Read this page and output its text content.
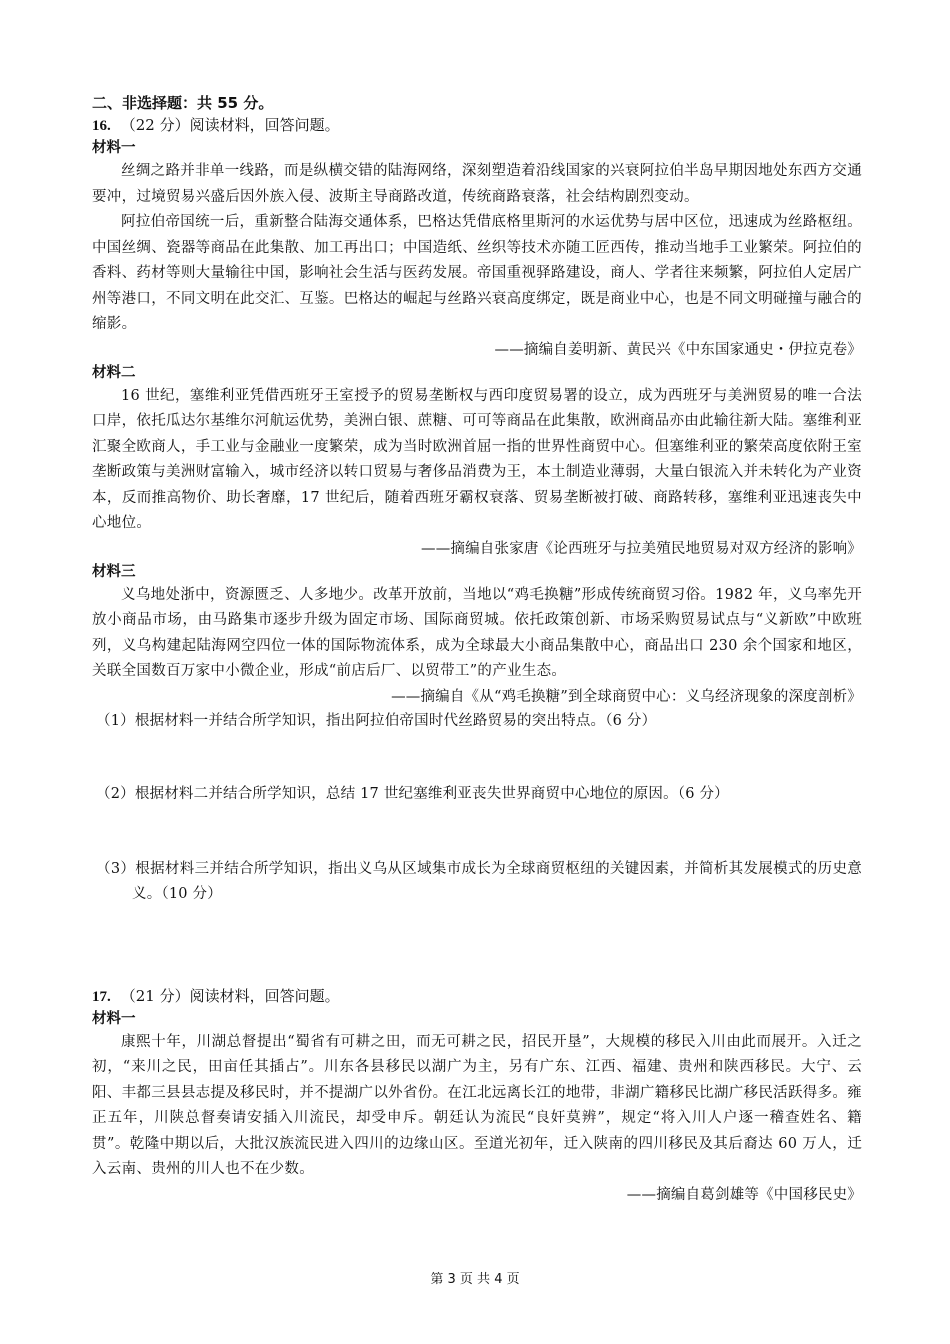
二、非选择题：共 55 分。

16. （22 分）阅读材料，回答问题。

材料一

丝绸之路并非单一线路，而是纵横交错的陆海网络，深刻塑造着沿线国家的兴衰阿拉伯半岛早期因地处东西方交通要冲，过境贸易兴盛后因外族入侵、波斯主导商路改道，传统商路衰落，社会结构剧烈变动。

阿拉伯帝国统一后，重新整合陆海交通体系，巴格达凭借底格里斯河的水运优势与居中区位，迅速成为丝路枢纽。中国丝绸、瓷器等商品在此集散、加工再出口；中国造纸、丝织等技术亦随工匠西传，推动当地手工业繁荣。阿拉伯的香料、药材等则大量输往中国，影响社会生活与医药发展。帝国重视驿路建设，商人、学者往来频繁，阿拉伯人定居广州等港口，不同文明在此交汇、互鉴。巴格达的崛起与丝路兴衰高度绑定，既是商业中心，也是不同文明碰撞与融合的缩影。

——摘编自姜明新、黄民兴《中东国家通史・伊拉克卷》

材料二

16 世纪，塞维利亚凭借西班牙王室授予的贸易垄断权与西印度贸易署的设立，成为西班牙与美洲贸易的唯一合法口岸，依托瓜达尔基维尔河航运优势，美洲白银、蔗糖、可可等商品在此集散，欧洲商品亦由此输往新大陆。塞维利亚汇聚全欧商人，手工业与金融业一度繁荣，成为当时欧洲首屈一指的世界性商贸中心。但塞维利亚的繁荣高度依附王室垄断政策与美洲财富输入，城市经济以转口贸易与奢侈品消费为王，本土制造业薄弱，大量白银流入并未转化为产业资本，反而推高物价、助长奢靡，17 世纪后，随着西班牙霸权衰落、贸易垄断被打破、商路转移，塞维利亚迅速丧失中心地位。

——摘编自张家唐《论西班牙与拉美殖民地贸易对双方经济的影响》

材料三

义乌地处浙中，资源匮乏、人多地少。改革开放前，当地以“鸡毛换糖”形成传统商贸习俗。1982 年，义乌率先开放小商品市场，由马路集市逐步升级为固定市场、国际商贸城。依托政策创新、市场采购贸易试点与“义新欧”中欧班列，义乌构建起陆海网空四位一体的国际物流体系，成为全球最大小商品集散中心，商品出口 230 余个国家和地区，关联全国数百万家中小微企业，形成“前店后厂、以贸带工”的产业生态。

——摘编自《从“鸡毛换糖”到全球商贸中心：义乌经济现象的深度剖析》

（1）根据材料一并结合所学知识，指出阿拉伯帝国时代丝路贸易的突出特点。（6 分）

（2）根据材料二并结合所学知识，总结 17 世纪塞维利亚丧失世界商贸中心地位的原因。（6 分）

（3）根据材料三并结合所学知识，指出义乌从区域集市成长为全球商贸枢纽的关键因素，并简析其发展模式的历史意义。（10 分）

17. （21 分）阅读材料，回答问题。

材料一

康熙十年，川湖总督提出“蜀省有可耕之田，而无可耕之民，招民开垦”，大规模的移民入川由此而展开。入迁之初，“来川之民，田亩任其插占”。川东各县移民以湖广为主，另有广东、江西、福建、贵州和陕西移民。大宁、云阳、丰都三县县志提及移民时，并不提湖广以外省份。在江北远离长江的地带，非湖广籍移民比湖广移民活跃得多。雍正五年，川陕总督奏请安插入川流民，却受申斥。朝廷认为流民“良奸莫辨”，规定“将入川人户逐一稽查姓名、籍贯”。乾隆中期以后，大批汉族流民进入四川的边缘山区。至道光初年，迁入陕南的四川移民及其后裔达 60 万人，迁入云南、贵州的川人也不在少数。

——摘编自葛剑雄等《中国移民史》

第 3 页 共 4 页
